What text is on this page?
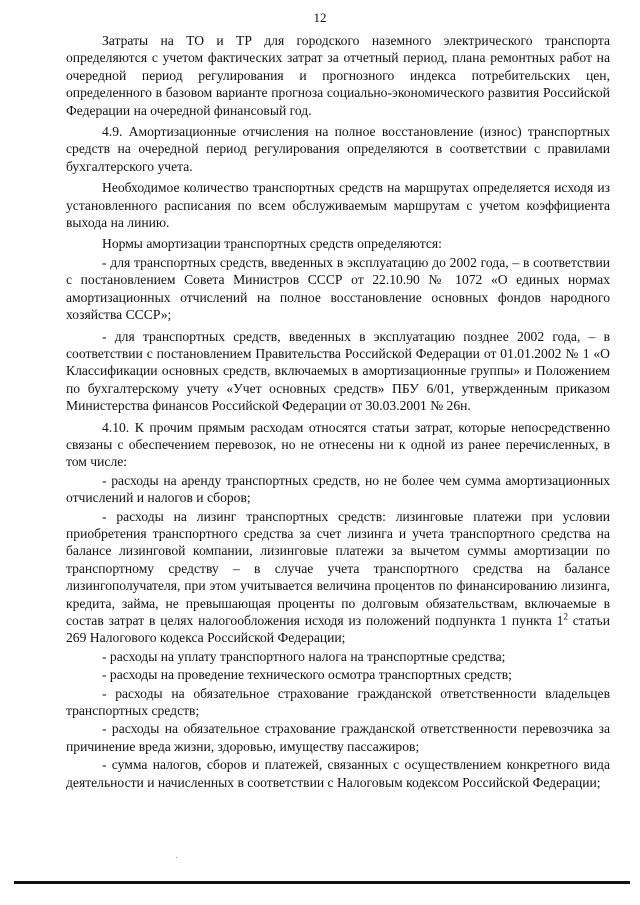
12

Затраты на ТО и ТР для городского наземного электрического транспорта определяются с учетом фактических затрат за отчетный период, плана ремонтных работ на очередной период регулирования и прогнозного индекса потребительских цен, определенного в базовом варианте прогноза социально-экономического развития Российской Федерации на очередной финансовый год.

4.9. Амортизационные отчисления на полное восстановление (износ) транспортных средств на очередной период регулирования определяются в соответствии с правилами бухгалтерского учета.

Необходимое количество транспортных средств на маршрутах определяется исходя из установленного расписания по всем обслуживаемым маршрутам с учетом коэффициента выхода на линию.

Нормы амортизации транспортных средств определяются:

- для транспортных средств, введенных в эксплуатацию до 2002 года, – в соответствии с постановлением Совета Министров СССР от 22.10.90 № 1072 «О единых нормах амортизационных отчислений на полное восстановление основных фондов народного хозяйства СССР»;

- для транспортных средств, введенных в эксплуатацию позднее 2002 года, – в соответствии с постановлением Правительства Российской Федерации от 01.01.2002 № 1 «О Классификации основных средств, включаемых в амортизационные группы» и Положением по бухгалтерскому учету «Учет основных средств» ПБУ 6/01, утвержденным приказом Министерства финансов Российской Федерации от 30.03.2001 № 26н.

4.10. К прочим прямым расходам относятся статьи затрат, которые непосредственно связаны с обеспечением перевозок, но не отнесены ни к одной из ранее перечисленных, в том числе:

- расходы на аренду транспортных средств, но не более чем сумма амортизационных отчислений и налогов и сборов;

- расходы на лизинг транспортных средств: лизинговые платежи при условии приобретения транспортного средства за счет лизинга и учета транспортного средства на балансе лизинговой компании, лизинговые платежи за вычетом суммы амортизации по транспортному средству – в случае учета транспортного средства на балансе лизингополучателя, при этом учитывается величина процентов по финансированию лизинга, кредита, займа, не превышающая проценты по долговым обязательствам, включаемые в состав затрат в целях налогообложения исходя из положений подпункта 1 пункта $1^2$ статьи 269 Налогового кодекса Российской Федерации;

- расходы на уплату транспортного налога на транспортные средства;

- расходы на проведение технического осмотра транспортных средств;

- расходы на обязательное страхование гражданской ответственности владельцев транспортных средств;

- расходы на обязательное страхование гражданской ответственности перевозчика за причинение вреда жизни, здоровью, имуществу пассажиров;

- сумма налогов, сборов и платежей, связанных с осуществлением конкретного вида деятельности и начисленных в соответствии с Налоговым кодексом Российской Федерации;
